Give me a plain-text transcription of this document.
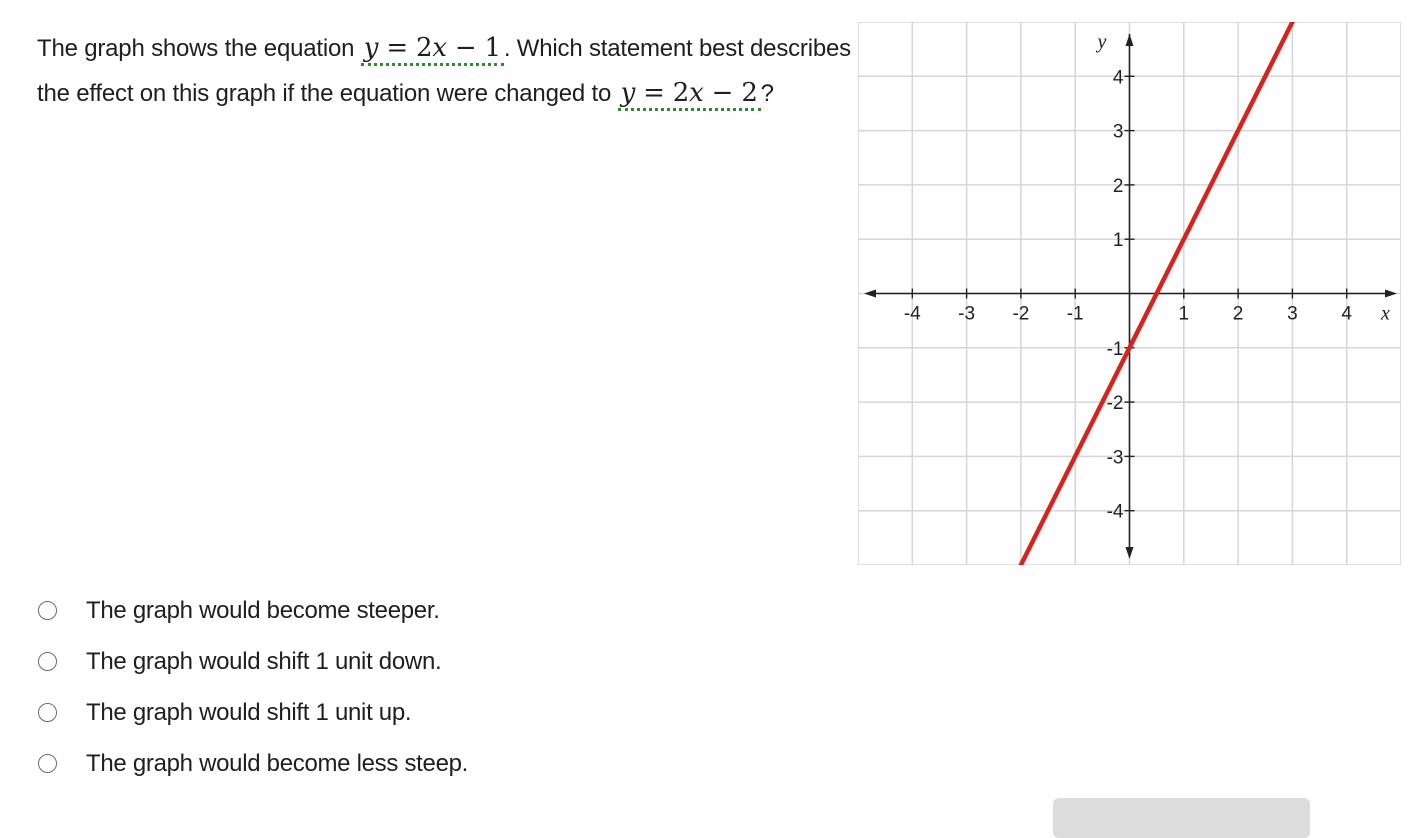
The graph shows the equation y = 2x − 1 . Which statement best describes the effect on this graph if the equation were changed to y = 2x − 2 ?
-4 -3 -2 -1	1 2 3 4
4
3
2
1
-1
-2
-3
-4
x
y
The graph would become steeper.
The graph would shift 1 unit down.
The graph would shift 1 unit up.
The graph would become less steep.
